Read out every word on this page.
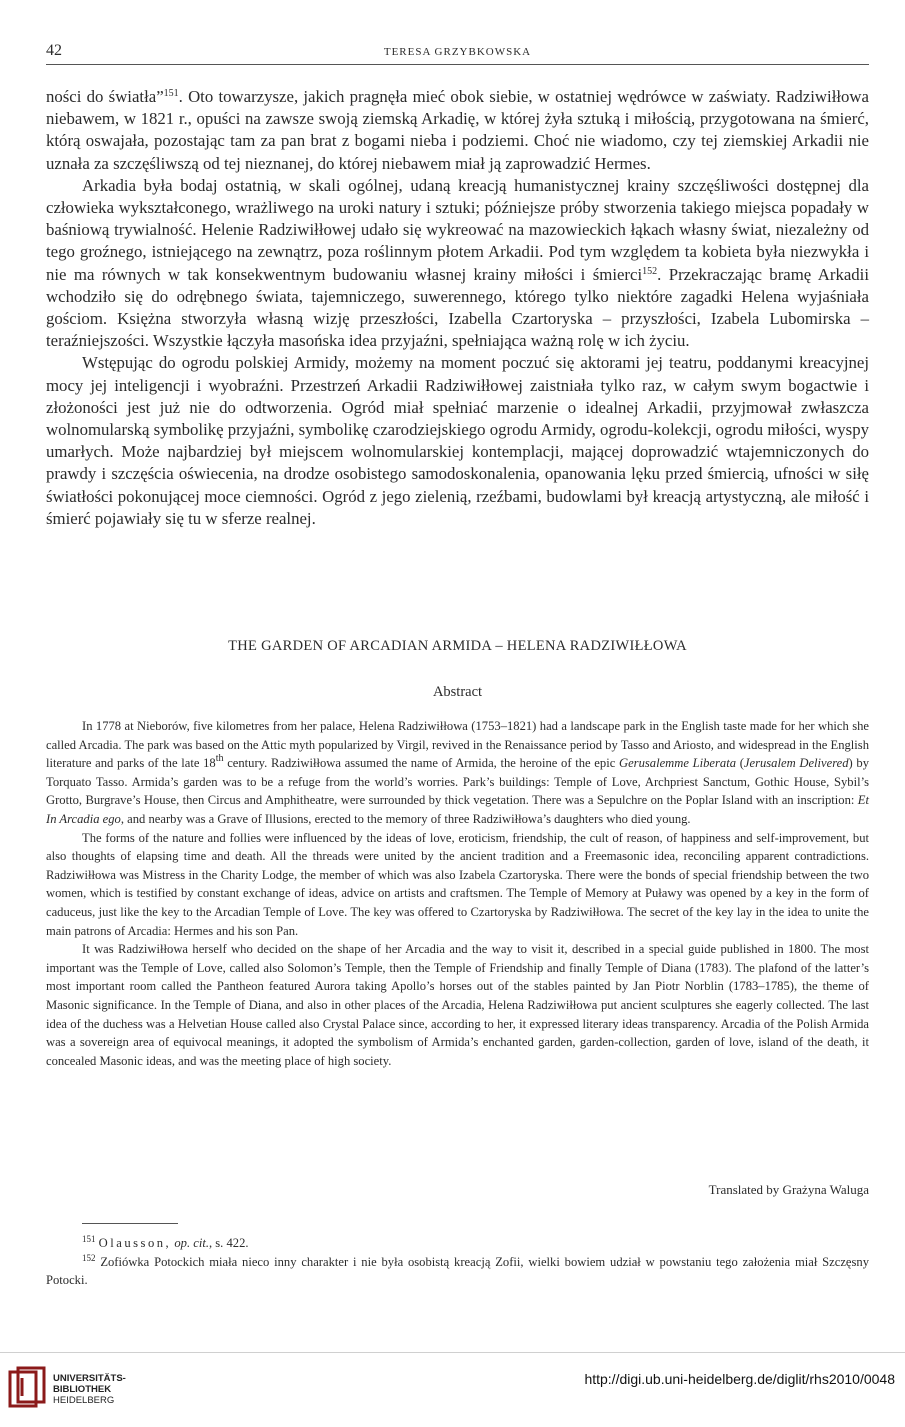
42	TERESA GRZYBKOWSKA

ności do światła”$^{151}$. Oto towarzysze, jakich pragnęła mieć obok siebie, w ostatniej wędrówce w zaświaty. Radziwiłłowa niebawem, w 1821 r., opuści na zawsze swoją ziemską Arkadię, w której żyła sztuką i miłością, przygotowana na śmierć, którą oswajała, pozostając tam za pan brat z bogami nieba i podziemi. Choć nie wiadomo, czy tej ziemskiej Arkadii nie uznała za szczęśliwszą od tej nieznanej, do której niebawem miał ją zaprowadzić Hermes.

Arkadia była bodaj ostatnią, w skali ogólnej, udaną kreacją humanistycznej krainy szczęśliwości dostępnej dla człowieka wykształconego, wrażliwego na uroki natury i sztuki; późniejsze próby stworzenia takiego miejsca popadały w baśniową trywialność. Helenie Radziwiłłowej udało się wykreować na mazowieckich łąkach własny świat, niezależny od tego groźnego, istniejącego na zewnątrz, poza roślinnym płotem Arkadii. Pod tym względem ta kobieta była niezwykła i nie ma równych w tak konsekwentnym budowaniu własnej krainy miłości i śmierci$^{152}$. Przekraczając bramę Arkadii wchodziło się do odrębnego świata, tajemniczego, suwerennego, którego tylko niektóre zagadki Helena wyjaśniała gościom. Księżna stworzyła własną wizję przeszłości, Izabella Czartoryska – przyszłości, Izabela Lubomirska – teraźniejszości. Wszystkie łączyła masońska idea przyjaźni, spełniająca ważną rolę w ich życiu.

Wstępując do ogrodu polskiej Armidy, możemy na moment poczuć się aktorami jej teatru, poddanymi kreacyjnej mocy jej inteligencji i wyobraźni. Przestrzeń Arkadii Radziwiłłowej zaistniała tylko raz, w całym swym bogactwie i złożoności jest już nie do odtworzenia. Ogród miał spełniać marzenie o idealnej Arkadii, przyjmował zwłaszcza wolnomularską symbolikę przyjaźni, symbolikę czarodziejskiego ogrodu Armidy, ogrodu-kolekcji, ogrodu miłości, wyspy umarłych. Może najbardziej był miejscem wolnomularskiej kontemplacji, mającej doprowadzić wtajemniczonych do prawdy i szczęścia oświecenia, na drodze osobistego samodoskonalenia, opanowania lęku przed śmiercią, ufności w siłę światłości pokonującej moce ciemności. Ogród z jego zielenią, rzeźbami, budowlami był kreacją artystyczną, ale miłość i śmierć pojawiały się tu w sferze realnej.

THE GARDEN OF ARCADIAN ARMIDA – HELENA RADZIWIŁŁOWA
Abstract

In 1778 at Nieborów, five kilometres from her palace, Helena Radziwiłłowa (1753–1821) had a landscape park in the English taste made for her which she called Arcadia. The park was based on the Attic myth popularized by Virgil, revived in the Renaissance period by Tasso and Ariosto, and widespread in the English literature and parks of the late 18th century. Radziwiłłowa assumed the name of Armida, the heroine of the epic Gerusalemme Liberata (Jerusalem Delivered) by Torquato Tasso. Armida’s garden was to be a refuge from the world’s worries. Park’s buildings: Temple of Love, Archpriest Sanctum, Gothic House, Sybil’s Grotto, Burgrave’s House, then Circus and Amphitheatre, were surrounded by thick vegetation. There was a Sepulchre on the Poplar Island with an inscription: Et In Arcadia ego, and nearby was a Grave of Illusions, erected to the memory of three Radziwiłłowa’s daughters who died young.

The forms of the nature and follies were influenced by the ideas of love, eroticism, friendship, the cult of reason, of happiness and self-improvement, but also thoughts of elapsing time and death. All the threads were united by the ancient tradition and a Freemasonic idea, reconciling apparent contradictions. Radziwiłłowa was Mistress in the Charity Lodge, the member of which was also Izabela Czartoryska. There were the bonds of special friendship between the two women, which is testified by constant exchange of ideas, advice on artists and craftsmen. The Temple of Memory at Puławy was opened by a key in the form of caduceus, just like the key to the Arcadian Temple of Love. The key was offered to Czartoryska by Radziwiłłowa. The secret of the key lay in the idea to unite the main patrons of Arcadia: Hermes and his son Pan.

It was Radziwiłłowa herself who decided on the shape of her Arcadia and the way to visit it, described in a special guide published in 1800. The most important was the Temple of Love, called also Solomon’s Temple, then the Temple of Friendship and finally Temple of Diana (1783). The plafond of the latter’s most important room called the Pantheon featured Aurora taking Apollo’s horses out of the stables painted by Jan Piotr Norblin (1783–1785), the theme of Masonic significance. In the Temple of Diana, and also in other places of the Arcadia, Helena Radziwiłłowa put ancient sculptures she eagerly collected. The last idea of the duchess was a Helvetian House called also Crystal Palace since, according to her, it expressed literary ideas transparency. Arcadia of the Polish Armida was a sovereign area of equivocal meanings, it adopted the symbolism of Armida’s enchanted garden, garden-collection, garden of love, island of the death, it concealed Masonic ideas, and was the meeting place of high society.

Translated by Grażyna Waluga

$^{151}$ Olausson, op. cit., s. 422.

$^{152}$ Zofiówka Potockich miała nieco inny charakter i nie była osobistą kreacją Zofii, wielki bowiem udział w powstaniu tego założenia miał Szczęsny Potocki.

UNIVERSITÄTS-
BIBLIOTHEK
HEIDELBERG
http://digi.ub.uni-heidelberg.de/diglit/rhs2010/0048
